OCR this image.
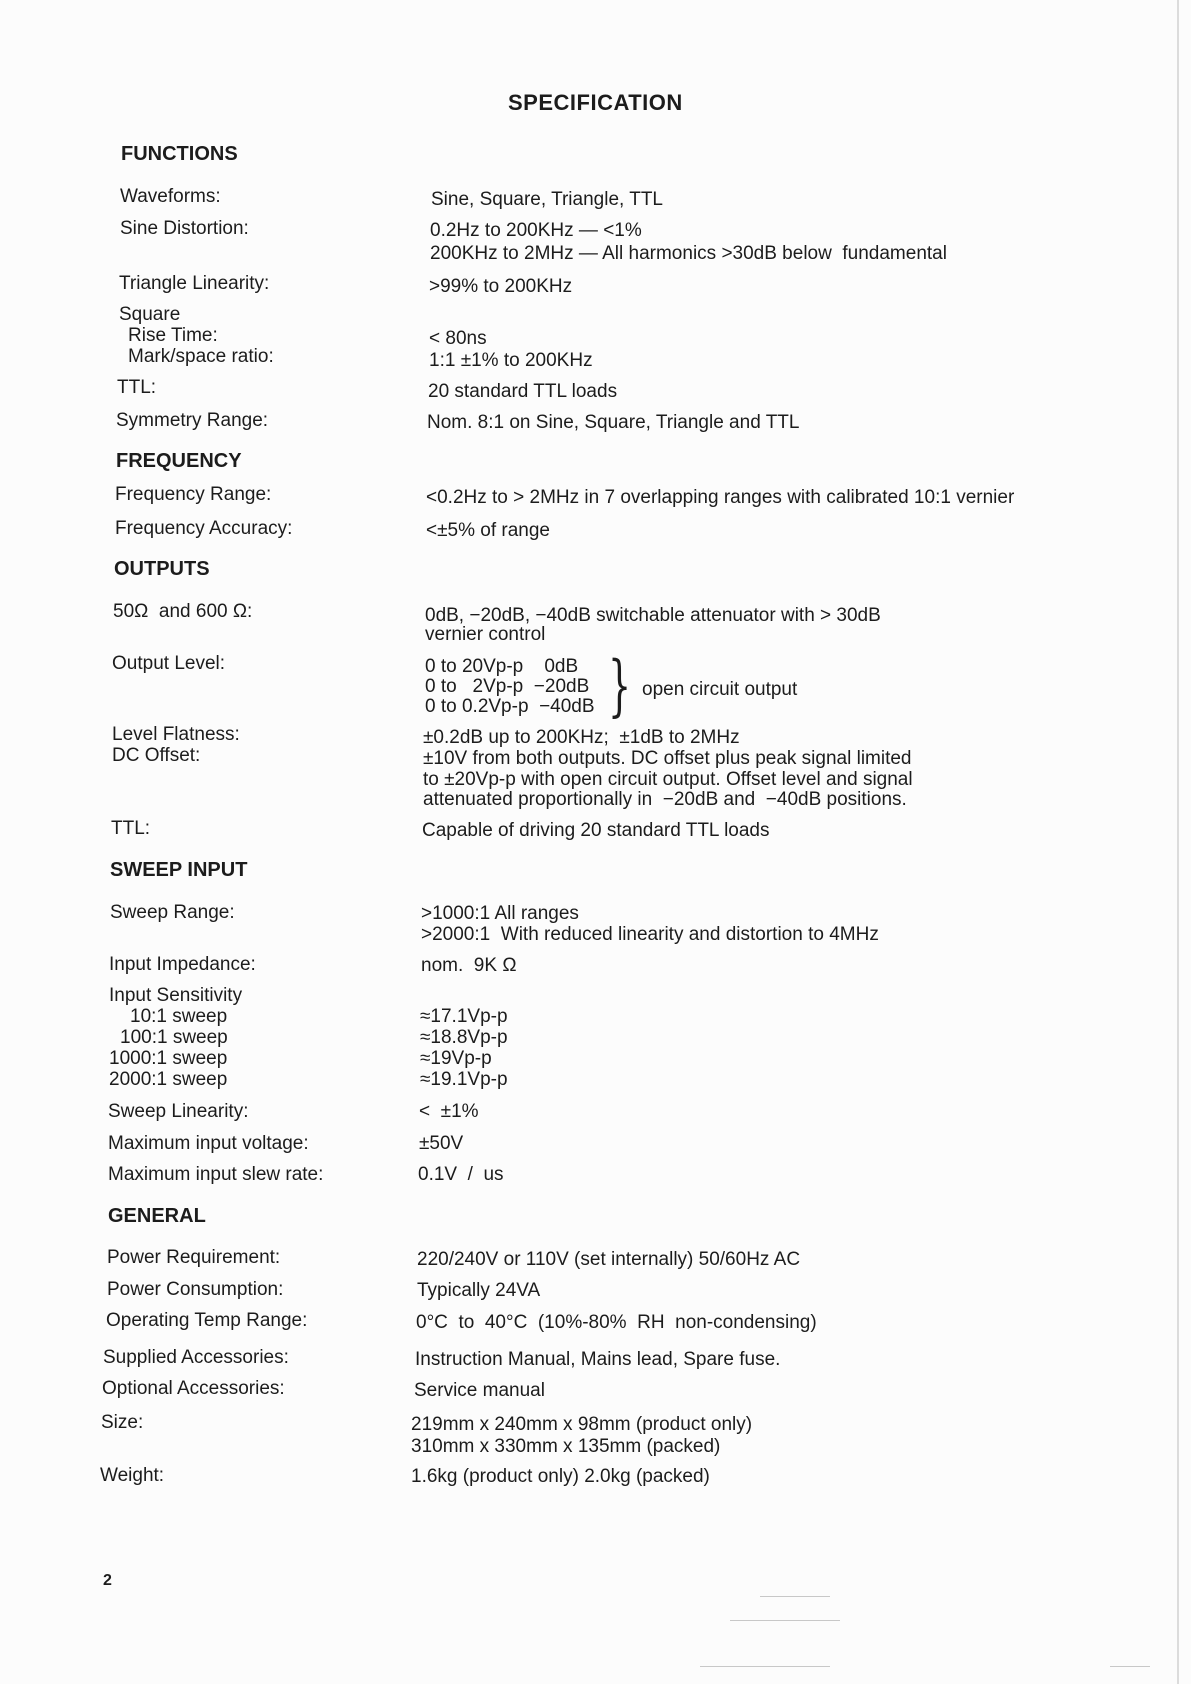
SPECIFICATION
FUNCTIONS
Waveforms:	Sine, Square, Triangle, TTL
Sine Distortion:	0.2Hz to 200KHz — <1%
200KHz to 2MHz — All harmonics >30dB below  fundamental
Triangle Linearity:	>99% to 200KHz
Square
Rise Time:	< 80ns
Mark/space ratio:	1:1 ±1% to 200KHz
TTL:	20 standard TTL loads
Symmetry Range:	Nom. 8:1 on Sine, Square, Triangle and TTL
FREQUENCY
Frequency Range:	<0.2Hz to > 2MHz in 7 overlapping ranges with calibrated 10:1 vernier
Frequency Accuracy:	<±5% of range
OUTPUTS
50Ω  and 600 Ω:	0dB, −20dB, −40dB switchable attenuator with > 30dB
vernier control
Output Level:	0 to 20Vp-p    0dB
0 to   2Vp-p  −20dB
0 to 0.2Vp-p  −40dB } open circuit output
Level Flatness:	±0.2dB up to 200KHz;  ±1dB to 2MHz
DC Offset:	±10V from both outputs. DC offset plus peak signal limited
to ±20Vp-p with open circuit output. Offset level and signal
attenuated proportionally in  −20dB and  −40dB positions.
TTL:	Capable of driving 20 standard TTL loads
SWEEP INPUT
Sweep Range:	>1000:1 All ranges
>2000:1  With reduced linearity and distortion to 4MHz
Input Impedance:	nom.  9K Ω
Input Sensitivity
10:1 sweep	≈17.1Vp-p
100:1 sweep	≈18.8Vp-p
1000:1 sweep	≈19Vp-p
2000:1 sweep	≈19.1Vp-p
Sweep Linearity:	<  ±1%
Maximum input voltage:	±50V
Maximum input slew rate:	0.1V  /  us
GENERAL
Power Requirement:	220/240V or 110V (set internally) 50/60Hz AC
Power Consumption:	Typically 24VA
Operating Temp Range:	0°C  to  40°C  (10%-80%  RH  non-condensing)
Supplied Accessories:	Instruction Manual, Mains lead, Spare fuse.
Optional Accessories:	Service manual
Size:	219mm x 240mm x 98mm (product only)
310mm x 330mm x 135mm (packed)
Weight:	1.6kg (product only) 2.0kg (packed)
2
